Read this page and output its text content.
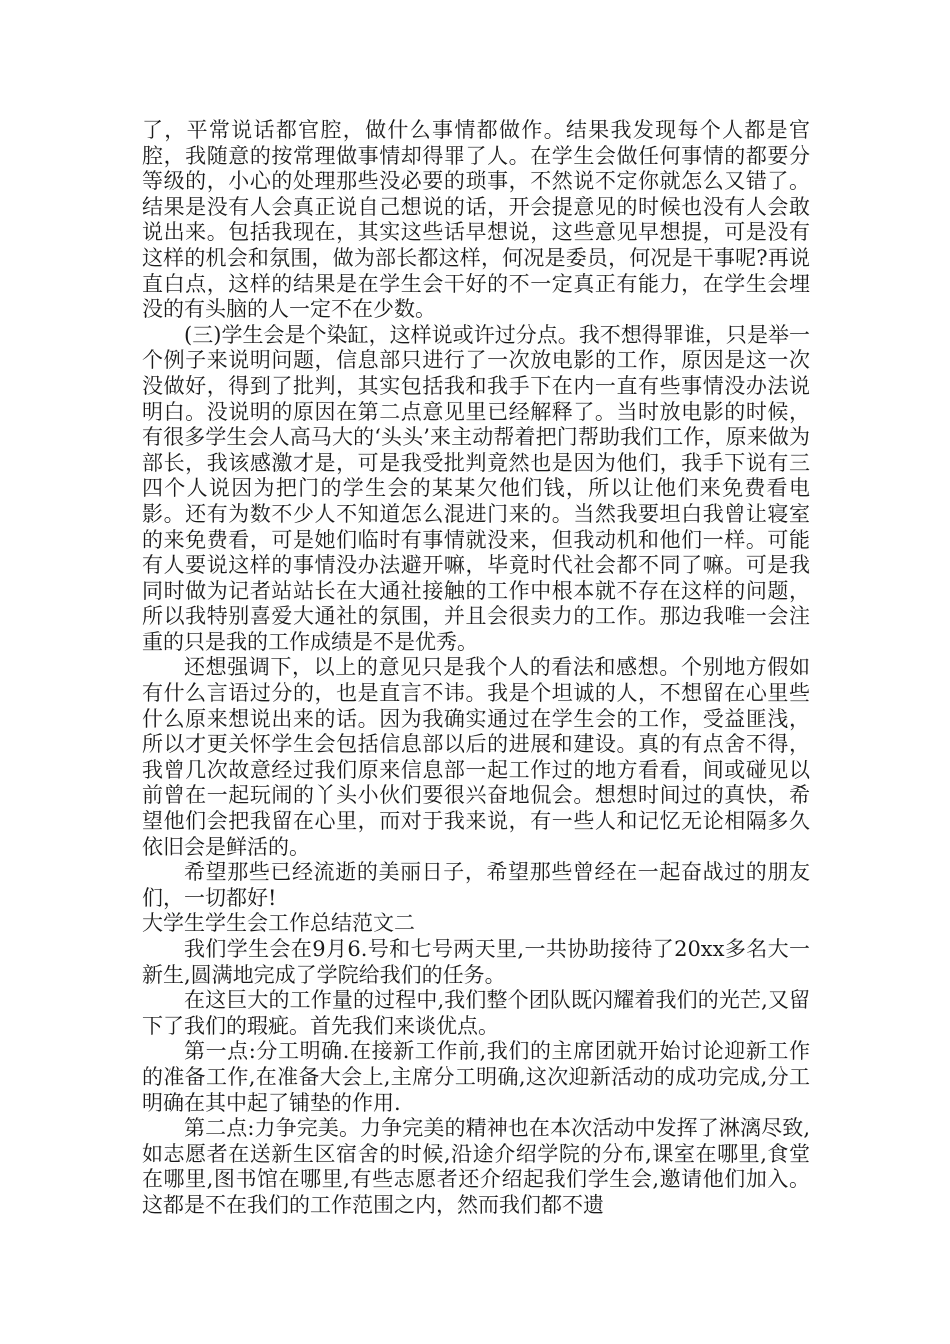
了，平常说话都官腔，做什么事情都做作。结果我发现每个人都是官腔，我随意的按常理做事情却得罪了人。在学生会做任何事情的都要分等级的，小心的处理那些没必要的琐事，不然说不定你就怎么又错了。结果是没有人会真正说自己想说的话，开会提意见的时候也没有人会敢说出来。包括我现在，其实这些话早想说，这些意见早想提，可是没有这样的机会和氛围，做为部长都这样，何况是委员，何况是干事呢?再说直白点，这样的结果是在学生会干好的不一定真正有能力，在学生会埋没的有头脑的人一定不在少数。

(三)学生会是个染缸，这样说或许过分点。我不想得罪谁，只是举一个例子来说明问题，信息部只进行了一次放电影的工作，原因是这一次没做好，得到了批判，其实包括我和我手下在内一直有些事情没办法说明白。没说明的原因在第二点意见里已经解释了。当时放电影的时候，有很多学生会人高马大的‘头头’来主动帮着把门帮助我们工作，原来做为部长，我该感激才是，可是我受批判竟然也是因为他们，我手下说有三四个人说因为把门的学生会的某某欠他们钱，所以让他们来免费看电影。还有为数不少人不知道怎么混进门来的。当然我要坦白我曾让寝室的来免费看，可是她们临时有事情就没来，但我动机和他们一样。可能有人要说这样的事情没办法避开嘛，毕竟时代社会都不同了嘛。可是我同时做为记者站站长在大通社接触的工作中根本就不存在这样的问题，所以我特别喜爱大通社的氛围，并且会很卖力的工作。那边我唯一会注重的只是我的工作成绩是不是优秀。

还想强调下，以上的意见只是我个人的看法和感想。个别地方假如有什么言语过分的，也是直言不讳。我是个坦诚的人，不想留在心里些什么原来想说出来的话。因为我确实通过在学生会的工作，受益匪浅，所以才更关怀学生会包括信息部以后的进展和建设。真的有点舍不得，我曾几次故意经过我们原来信息部一起工作过的地方看看，间或碰见以前曾在一起玩闹的丫头小伙们要很兴奋地侃会。想想时间过的真快，希望他们会把我留在心里，而对于我来说，有一些人和记忆无论相隔多久依旧会是鲜活的。

希望那些已经流逝的美丽日子，希望那些曾经在一起奋战过的朋友们，一切都好!

大学生学生会工作总结范文二

我们学生会在9月6.号和七号两天里,一共协助接待了20xx多名大一新生,圆满地完成了学院给我们的任务。

在这巨大的工作量的过程中,我们整个团队既闪耀着我们的光芒,又留下了我们的瑕疵。首先我们来谈优点。

第一点:分工明确.在接新工作前,我们的主席团就开始讨论迎新工作的准备工作,在准备大会上,主席分工明确,这次迎新活动的成功完成,分工明确在其中起了铺垫的作用.

第二点:力争完美。力争完美的精神也在本次活动中发挥了淋漓尽致,如志愿者在送新生区宿舍的时候,沿途介绍学院的分布,课室在哪里,食堂在哪里,图书馆在哪里,有些志愿者还介绍起我们学生会,邀请他们加入。这都是不在我们的工作范围之内，然而我们都不遗
